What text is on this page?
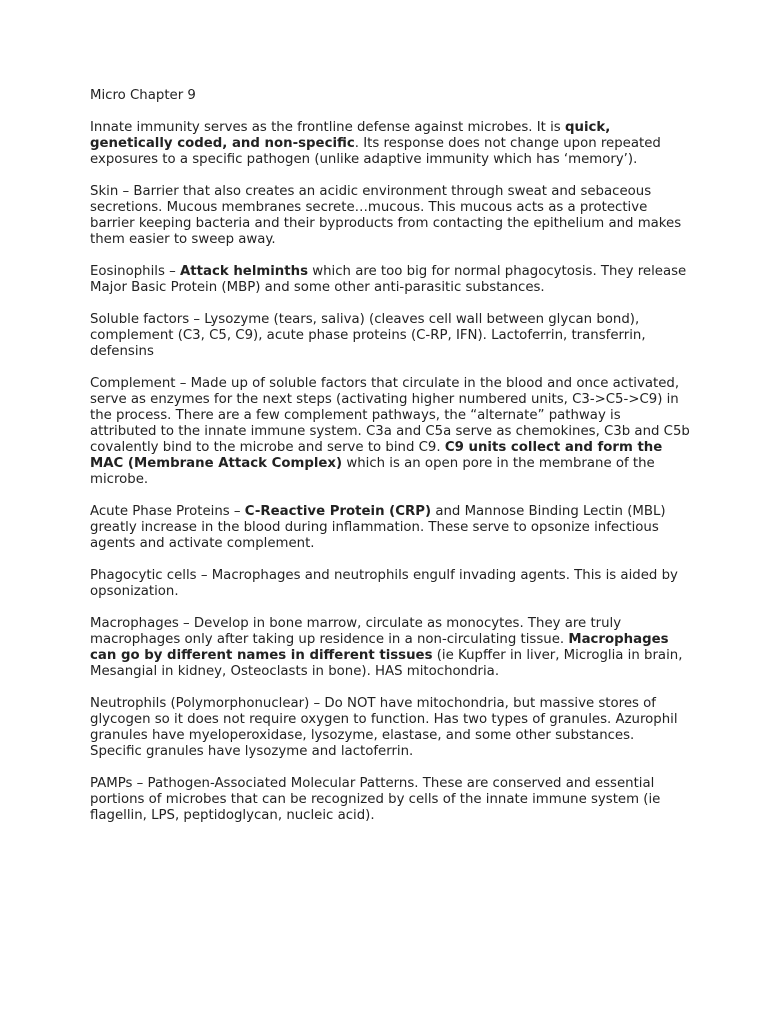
Micro Chapter 9

Innate immunity serves as the frontline defense against microbes. It is quick, genetically coded, and non-specific. Its response does not change upon repeated exposures to a specific pathogen (unlike adaptive immunity which has ‘memory’).

Skin – Barrier that also creates an acidic environment through sweat and sebaceous secretions. Mucous membranes secrete…mucous. This mucous acts as a protective barrier keeping bacteria and their byproducts from contacting the epithelium and makes them easier to sweep away.

Eosinophils – Attack helminths which are too big for normal phagocytosis. They release Major Basic Protein (MBP) and some other anti-parasitic substances.

Soluble factors – Lysozyme (tears, saliva) (cleaves cell wall between glycan bond), complement (C3, C5, C9), acute phase proteins (C-RP, IFN). Lactoferrin, transferrin, defensins

Complement – Made up of soluble factors that circulate in the blood and once activated, serve as enzymes for the next steps (activating higher numbered units, C3->C5->C9) in the process. There are a few complement pathways, the “alternate” pathway is attributed to the innate immune system. C3a and C5a serve as chemokines, C3b and C5b covalently bind to the microbe and serve to bind C9. C9 units collect and form the MAC (Membrane Attack Complex) which is an open pore in the membrane of the microbe.

Acute Phase Proteins – C-Reactive Protein (CRP) and Mannose Binding Lectin (MBL) greatly increase in the blood during inflammation. These serve to opsonize infectious agents and activate complement.

Phagocytic cells – Macrophages and neutrophils engulf invading agents. This is aided by opsonization.

Macrophages – Develop in bone marrow, circulate as monocytes. They are truly macrophages only after taking up residence in a non-circulating tissue. Macrophages can go by different names in different tissues (ie Kupffer in liver, Microglia in brain, Mesangial in kidney, Osteoclasts in bone). HAS mitochondria.

Neutrophils (Polymorphonuclear) – Do NOT have mitochondria, but massive stores of glycogen so it does not require oxygen to function. Has two types of granules. Azurophil granules have myeloperoxidase, lysozyme, elastase, and some other substances. Specific granules have lysozyme and lactoferrin.

PAMPs – Pathogen-Associated Molecular Patterns. These are conserved and essential portions of microbes that can be recognized by cells of the innate immune system (ie flagellin, LPS, peptidoglycan, nucleic acid).
